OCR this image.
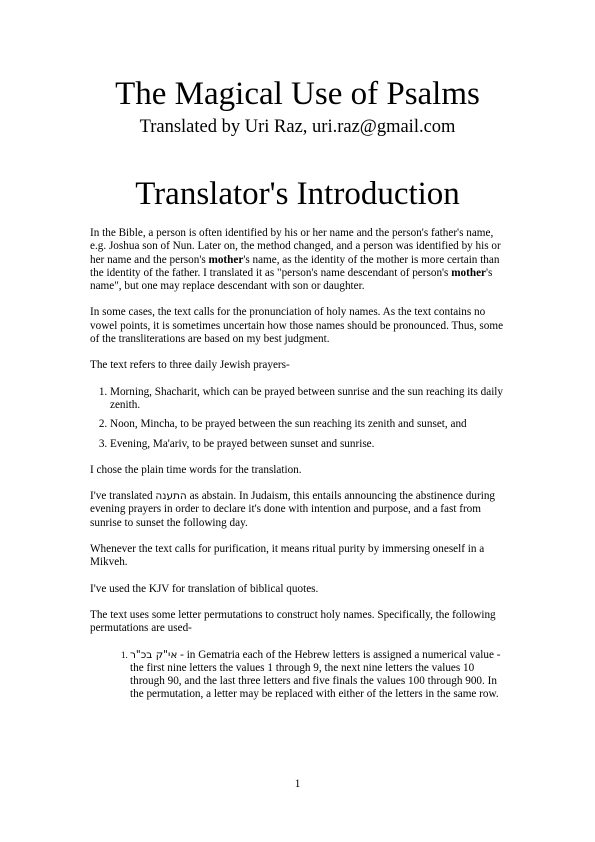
The Magical Use of Psalms
Translated by Uri Raz, uri.raz@gmail.com
Translator's Introduction

In the Bible, a person is often identified by his or her name and the person's father's name, e.g. Joshua son of Nun. Later on, the method changed, and a person was identified by his or her name and the person's mother's name, as the identity of the mother is more certain than the identity of the father. I translated it as "person's name descendant of person's mother's name", but one may replace descendant with son or daughter.

In some cases, the text calls for the pronunciation of holy names. As the text contains no vowel points, it is sometimes uncertain how those names should be pronounced. Thus, some of the transliterations are based on my best judgment.

The text refers to three daily Jewish prayers-

1. Morning, Shacharit, which can be prayed between sunrise and the sun reaching its daily zenith.
2. Noon, Mincha, to be prayed between the sun reaching its zenith and sunset, and
3. Evening, Ma'ariv, to be prayed between sunset and sunrise.

I chose the plain time words for the translation.

I've translated התענה as abstain. In Judaism, this entails announcing the abstinence during evening prayers in order to declare it's done with intention and purpose, and a fast from sunrise to sunset the following day.

Whenever the text calls for purification, it means ritual purity by immersing oneself in a Mikveh.

I've used the KJV for translation of biblical quotes.

The text uses some letter permutations to construct holy names. Specifically, the following permutations are used-

1. אי"ק בכ"ר - in Gematria each of the Hebrew letters is assigned a numerical value - the first nine letters the values 1 through 9, the next nine letters the values 10 through 90, and the last three letters and five finals the values 100 through 900. In the permutation, a letter may be replaced with either of the letters in the same row.
1
